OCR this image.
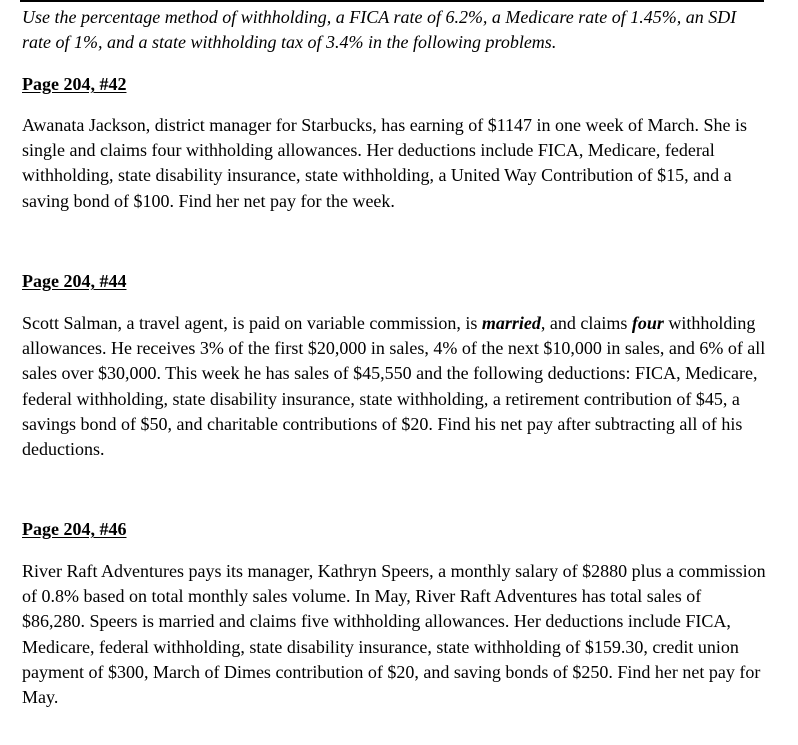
Use the percentage method of withholding, a FICA rate of 6.2%, a Medicare rate of 1.45%, an SDI rate of 1%, and a state withholding tax of 3.4% in the following problems.
Page 204, #42
Awanata Jackson, district manager for Starbucks, has earning of $1147 in one week of March. She is single and claims four withholding allowances. Her deductions include FICA, Medicare, federal withholding, state disability insurance, state withholding, a United Way Contribution of $15, and a saving bond of $100. Find her net pay for the week.
Page 204, #44
Scott Salman, a travel agent, is paid on variable commission, is married, and claims four withholding allowances. He receives 3% of the first $20,000 in sales, 4% of the next $10,000 in sales, and 6% of all sales over $30,000. This week he has sales of $45,550 and the following deductions: FICA, Medicare, federal withholding, state disability insurance, state withholding, a retirement contribution of $45, a savings bond of $50, and charitable contributions of $20. Find his net pay after subtracting all of his deductions.
Page 204, #46
River Raft Adventures pays its manager, Kathryn Speers, a monthly salary of $2880 plus a commission of 0.8% based on total monthly sales volume. In May, River Raft Adventures has total sales of $86,280. Speers is married and claims five withholding allowances. Her deductions include FICA, Medicare, federal withholding, state disability insurance, state withholding of $159.30, credit union payment of $300, March of Dimes contribution of $20, and saving bonds of $250. Find her net pay for May.
